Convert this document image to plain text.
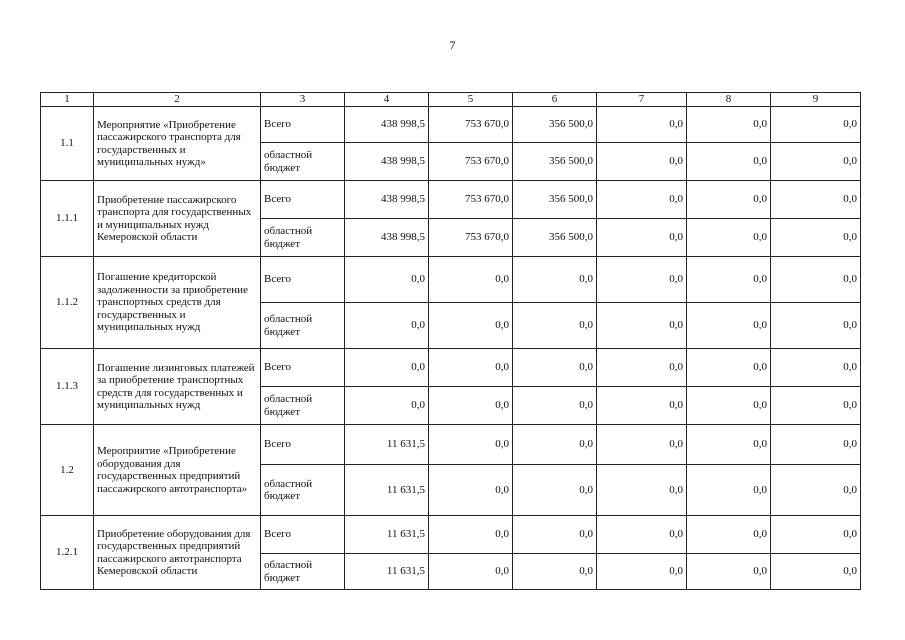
7
1	2	3	4	5	6	7	8	9
1.1	Мероприятие «Приобретение пассажирского транспорта для государственных и муниципальных нужд»	Всего	438 998,5	753 670,0	356 500,0	0,0	0,0	0,0
		областной бюджет	438 998,5	753 670,0	356 500,0	0,0	0,0	0,0
1.1.1	Приобретение пассажирского транспорта для государственных и муниципальных нужд Кемеровской области	Всего	438 998,5	753 670,0	356 500,0	0,0	0,0	0,0
		областной бюджет	438 998,5	753 670,0	356 500,0	0,0	0,0	0,0
1.1.2	Погашение кредиторской задолженности за приобретение транспортных средств для государственных и муниципальных нужд	Всего	0,0	0,0	0,0	0,0	0,0	0,0
		областной бюджет	0,0	0,0	0,0	0,0	0,0	0,0
1.1.3	Погашение лизинговых платежей за приобретение транспортных средств для государственных и муниципальных нужд	Всего	0,0	0,0	0,0	0,0	0,0	0,0
		областной бюджет	0,0	0,0	0,0	0,0	0,0	0,0
1.2	Мероприятие «Приобретение оборудования для государственных предприятий пассажирского автотранспорта»	Всего	11 631,5	0,0	0,0	0,0	0,0	0,0
		областной бюджет	11 631,5	0,0	0,0	0,0	0,0	0,0
1.2.1	Приобретение оборудования для государственных предприятий пассажирского автотранспорта Кемеровской области	Всего	11 631,5	0,0	0,0	0,0	0,0	0,0
		областной бюджет	11 631,5	0,0	0,0	0,0	0,0	0,0
